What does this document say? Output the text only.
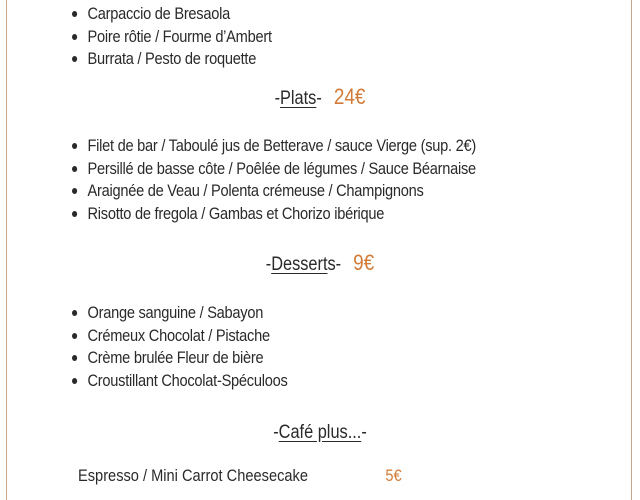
Carpaccio de Bresaola
Poire rôtie / Fourme d’Ambert
Burrata / Pesto de roquette
-Plats- 24€
Filet de bar / Taboulé jus de Betterave / sauce Vierge (sup. 2€)
Persillé de basse côte / Poêlée de légumes / Sauce Béarnaise
Araignée de Veau / Polenta crémeuse / Champignons
Risotto de fregola / Gambas et Chorizo ibérique
-Desserts- 9€
Orange sanguine / Sabayon
Crémeux Chocolat / Pistache
Crème brulée Fleur de bière
Croustillant Chocolat-Spéculoos
-Café plus...-
Espresso / Mini Carrot Cheesecake	5€
